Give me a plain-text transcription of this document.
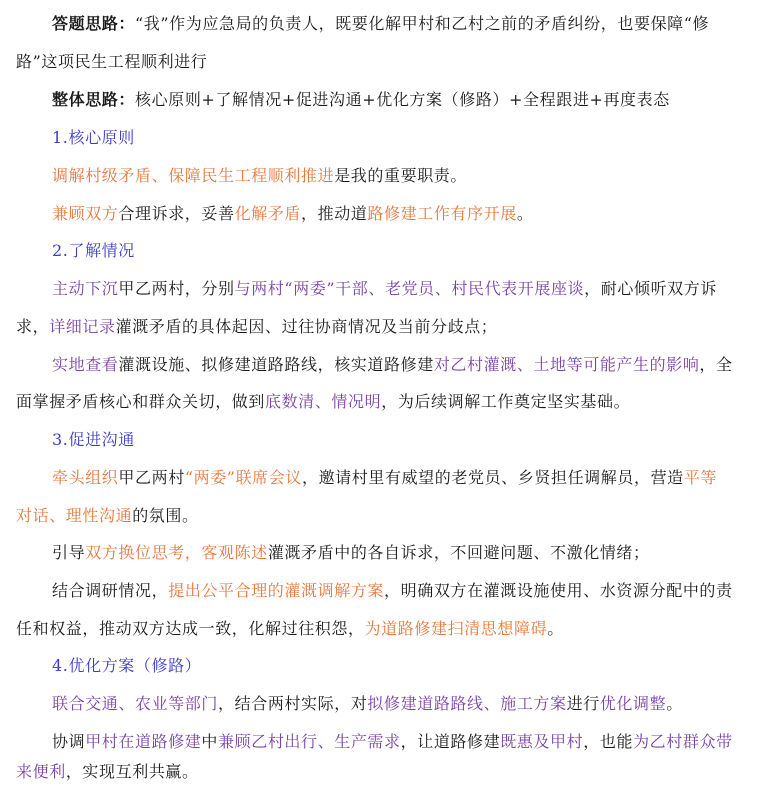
答题思路：“我”作为应急局的负责人，既要化解甲村和乙村之前的矛盾纠纷，也要保障“修
路”这项民生工程顺利进行
整体思路：核心原则+了解情况+促进沟通+优化方案（修路）+全程跟进+再度表态
1.核心原则
调解村级矛盾、保障民生工程顺利推进是我的重要职责。
兼顾双方合理诉求，妥善化解矛盾，推动道路修建工作有序开展。
2.了解情况
主动下沉甲乙两村，分别与两村“两委”干部、老党员、村民代表开展座谈，耐心倾听双方诉
求，详细记录灌溉矛盾的具体起因、过往协商情况及当前分歧点；
实地查看灌溉设施、拟修建道路路线，核实道路修建对乙村灌溉、土地等可能产生的影响，全
面掌握矛盾核心和群众关切，做到底数清、情况明，为后续调解工作奠定坚实基础。
3.促进沟通
牵头组织甲乙两村“两委”联席会议，邀请村里有威望的老党员、乡贤担任调解员，营造平等
对话、理性沟通的氛围。
引导双方换位思考，客观陈述灌溉矛盾中的各自诉求，不回避问题、不激化情绪；
结合调研情况，提出公平合理的灌溉调解方案，明确双方在灌溉设施使用、水资源分配中的责
任和权益，推动双方达成一致，化解过往积怨，为道路修建扫清思想障碍。
4.优化方案（修路）
联合交通、农业等部门，结合两村实际，对拟修建道路路线、施工方案进行优化调整。
协调甲村在道路修建中兼顾乙村出行、生产需求，让道路修建既惠及甲村，也能为乙村群众带
来便利，实现互利共赢。
